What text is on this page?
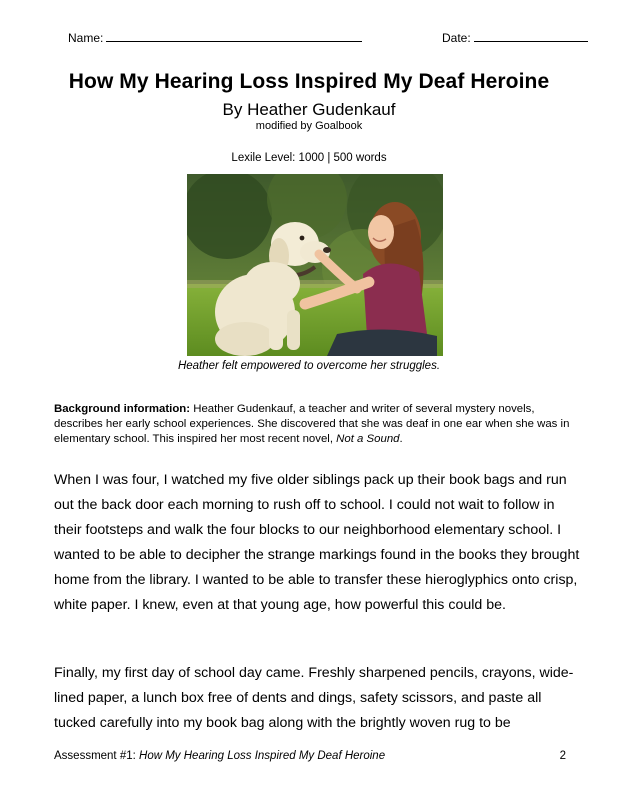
Name:	Date:
How My Hearing Loss Inspired My Deaf Heroine
By Heather Gudenkauf
modified by Goalbook
Lexile Level: 1000 | 500 words
Heather felt empowered to overcome her struggles.
Background information: Heather Gudenkauf, a teacher and writer of several mystery novels, describes her early school experiences. She discovered that she was deaf in one ear when she was in elementary school. This inspired her most recent novel, Not a Sound.

When I was four, I watched my five older siblings pack up their book bags and run out the back door each morning to rush off to school. I could not wait to follow in their footsteps and walk the four blocks to our neighborhood elementary school. I wanted to be able to decipher the strange markings found in the books they brought home from the library. I wanted to be able to transfer these hieroglyphics onto crisp, white paper. I knew, even at that young age, how powerful this could be.

Finally, my first day of school day came. Freshly sharpened pencils, crayons, wide-lined paper, a lunch box free of dents and dings, safety scissors, and paste all tucked carefully into my book bag along with the brightly woven rug to be

Assessment #1: How My Hearing Loss Inspired My Deaf Heroine	2
